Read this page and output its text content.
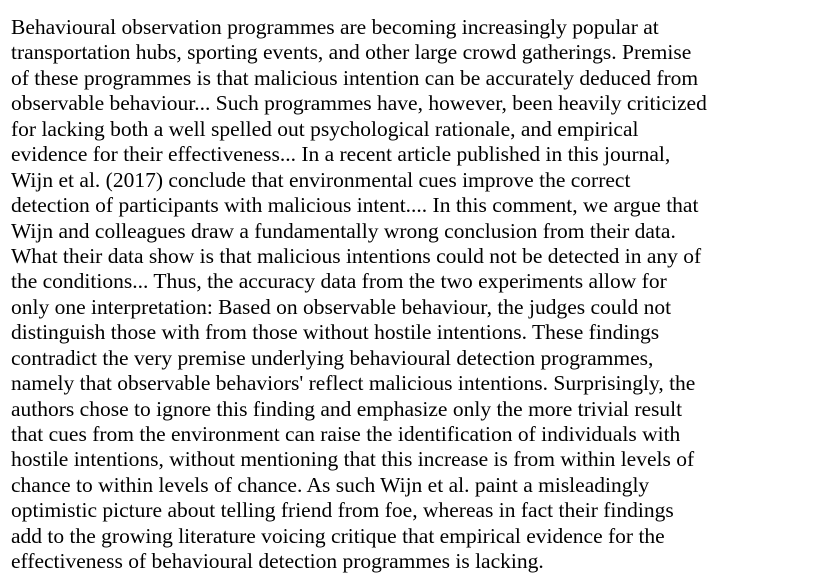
Behavioural observation programmes are becoming increasingly popular at
transportation hubs, sporting events, and other large crowd gatherings. Premise
of these programmes is that malicious intention can be accurately deduced from
observable behaviour... Such programmes have, however, been heavily criticized
for lacking both a well spelled out psychological rationale, and empirical
evidence for their effectiveness... In a recent article published in this journal,
Wijn et al. (2017) conclude that environmental cues improve the correct
detection of participants with malicious intent.... In this comment, we argue that
Wijn and colleagues draw a fundamentally wrong conclusion from their data.
What their data show is that malicious intentions could not be detected in any of
the conditions... Thus, the accuracy data from the two experiments allow for
only one interpretation: Based on observable behaviour, the judges could not
distinguish those with from those without hostile intentions. These findings
contradict the very premise underlying behavioural detection programmes,
namely that observable behaviors' reflect malicious intentions. Surprisingly, the
authors chose to ignore this finding and emphasize only the more trivial result
that cues from the environment can raise the identification of individuals with
hostile intentions, without mentioning that this increase is from within levels of
chance to within levels of chance. As such Wijn et al. paint a misleadingly
optimistic picture about telling friend from foe, whereas in fact their findings
add to the growing literature voicing critique that empirical evidence for the
effectiveness of behavioural detection programmes is lacking.
